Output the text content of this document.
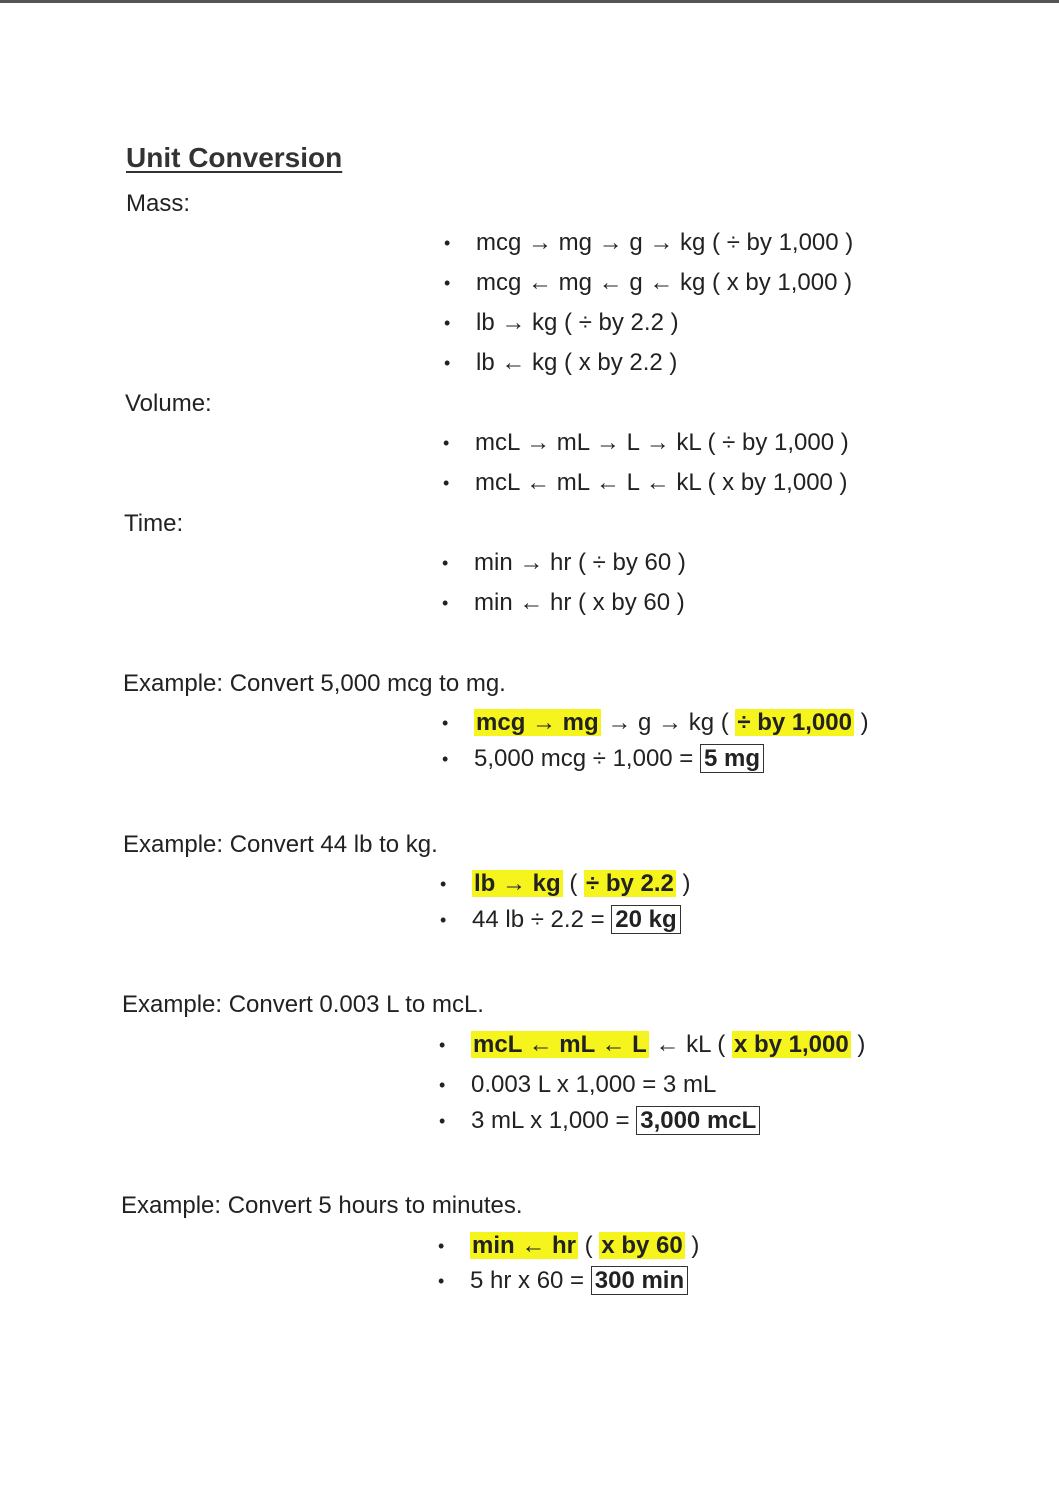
Unit Conversion
Mass:
• mcg → mg → g → kg ( ÷ by 1,000 )
• mcg ← mg ← g ← kg ( x by 1,000 )
• lb → kg ( ÷ by 2.2 )
• lb ← kg ( x by 2.2 )
Volume:
• mcL → mL → L → kL ( ÷ by 1,000 )
• mcL ← mL ← L ← kL ( x by 1,000 )
Time:
• min → hr ( ÷ by 60 )
• min ← hr ( x by 60 )
Example: Convert 5,000 mcg to mg.
• mcg → mg → g → kg ( ÷ by 1,000 )
• 5,000 mcg ÷ 1,000 = 5 mg
Example: Convert 44 lb to kg.
• lb → kg ( ÷ by 2.2 )
• 44 lb ÷ 2.2 = 20 kg
Example: Convert 0.003 L to mcL.
• mcL ← mL ← L ← kL ( x by 1,000 )
• 0.003 L x 1,000 = 3 mL
• 3 mL x 1,000 = 3,000 mcL
Example: Convert 5 hours to minutes.
• min ← hr ( x by 60 )
• 5 hr x 60 = 300 min
